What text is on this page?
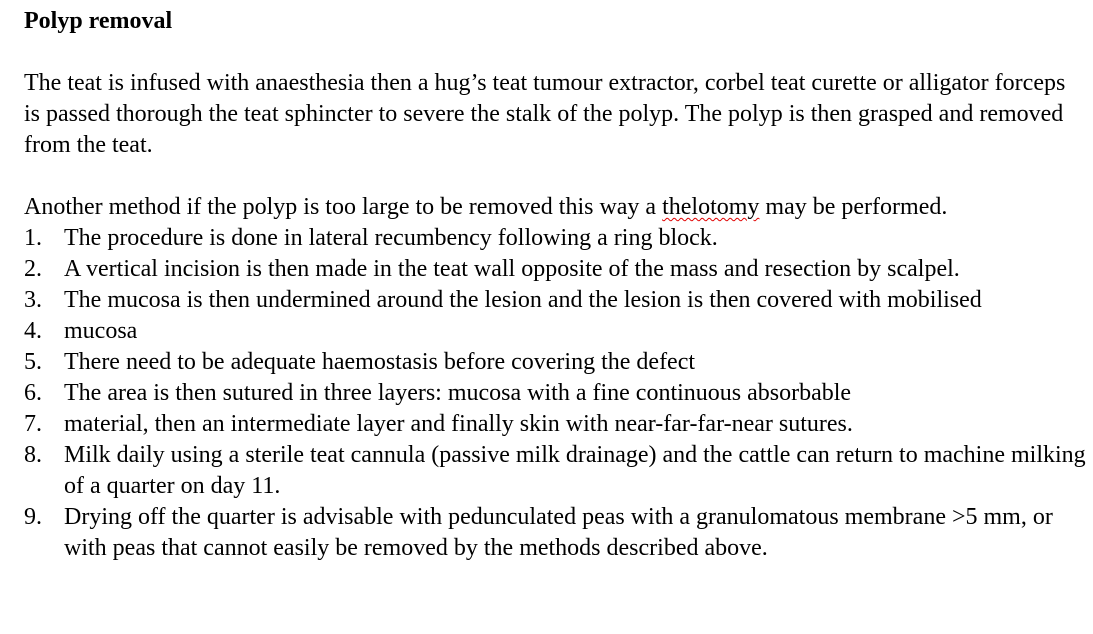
Polyp removal

The teat is infused with anaesthesia then a hug’s teat tumour extractor, corbel teat curette or alligator forceps is passed thorough the teat sphincter to severe the stalk of the polyp. The polyp is then grasped and removed from the teat.

Another method if the polyp is too large to be removed this way a thelotomy may be performed.

1. The procedure is done in lateral recumbency following a ring block.
2. A vertical incision is then made in the teat wall opposite of the mass and resection by scalpel.
3. The mucosa is then undermined around the lesion and the lesion is then covered with mobilised
4. mucosa
5. There need to be adequate haemostasis before covering the defect
6. The area is then sutured in three layers: mucosa with a fine continuous absorbable
7. material, then an intermediate layer and finally skin with near-far-far-near sutures.
8. Milk daily using a sterile teat cannula (passive milk drainage) and the cattle can return to machine milking of a quarter on day 11.
9. Drying off the quarter is advisable with pedunculated peas with a granulomatous membrane >5 mm, or with peas that cannot easily be removed by the methods described above.
